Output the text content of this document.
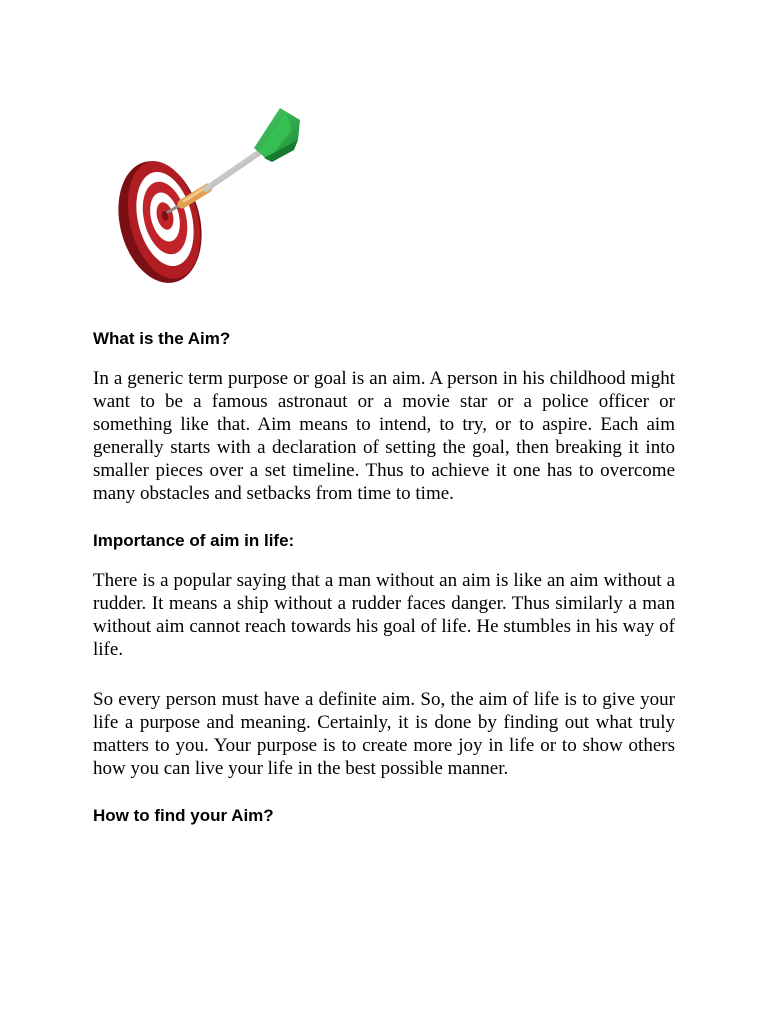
What is the Aim?

In a generic term purpose or goal is an aim. A person in his childhood might want to be a famous astronaut or a movie star or a police officer or something like that. Aim means to intend, to try, or to aspire. Each aim generally starts with a declaration of setting the goal, then breaking it into smaller pieces over a set timeline. Thus to achieve it one has to overcome many obstacles and setbacks from time to time.

Importance of aim in life:

There is a popular saying that a man without an aim is like an aim without a rudder. It means a ship without a rudder faces danger. Thus similarly a man without aim cannot reach towards his goal of life. He stumbles in his way of life.

So every person must have a definite aim. So, the aim of life is to give your life a purpose and meaning. Certainly, it is done by finding out what truly matters to you. Your purpose is to create more joy in life or to show others how you can live your life in the best possible manner.

How to find your Aim?
